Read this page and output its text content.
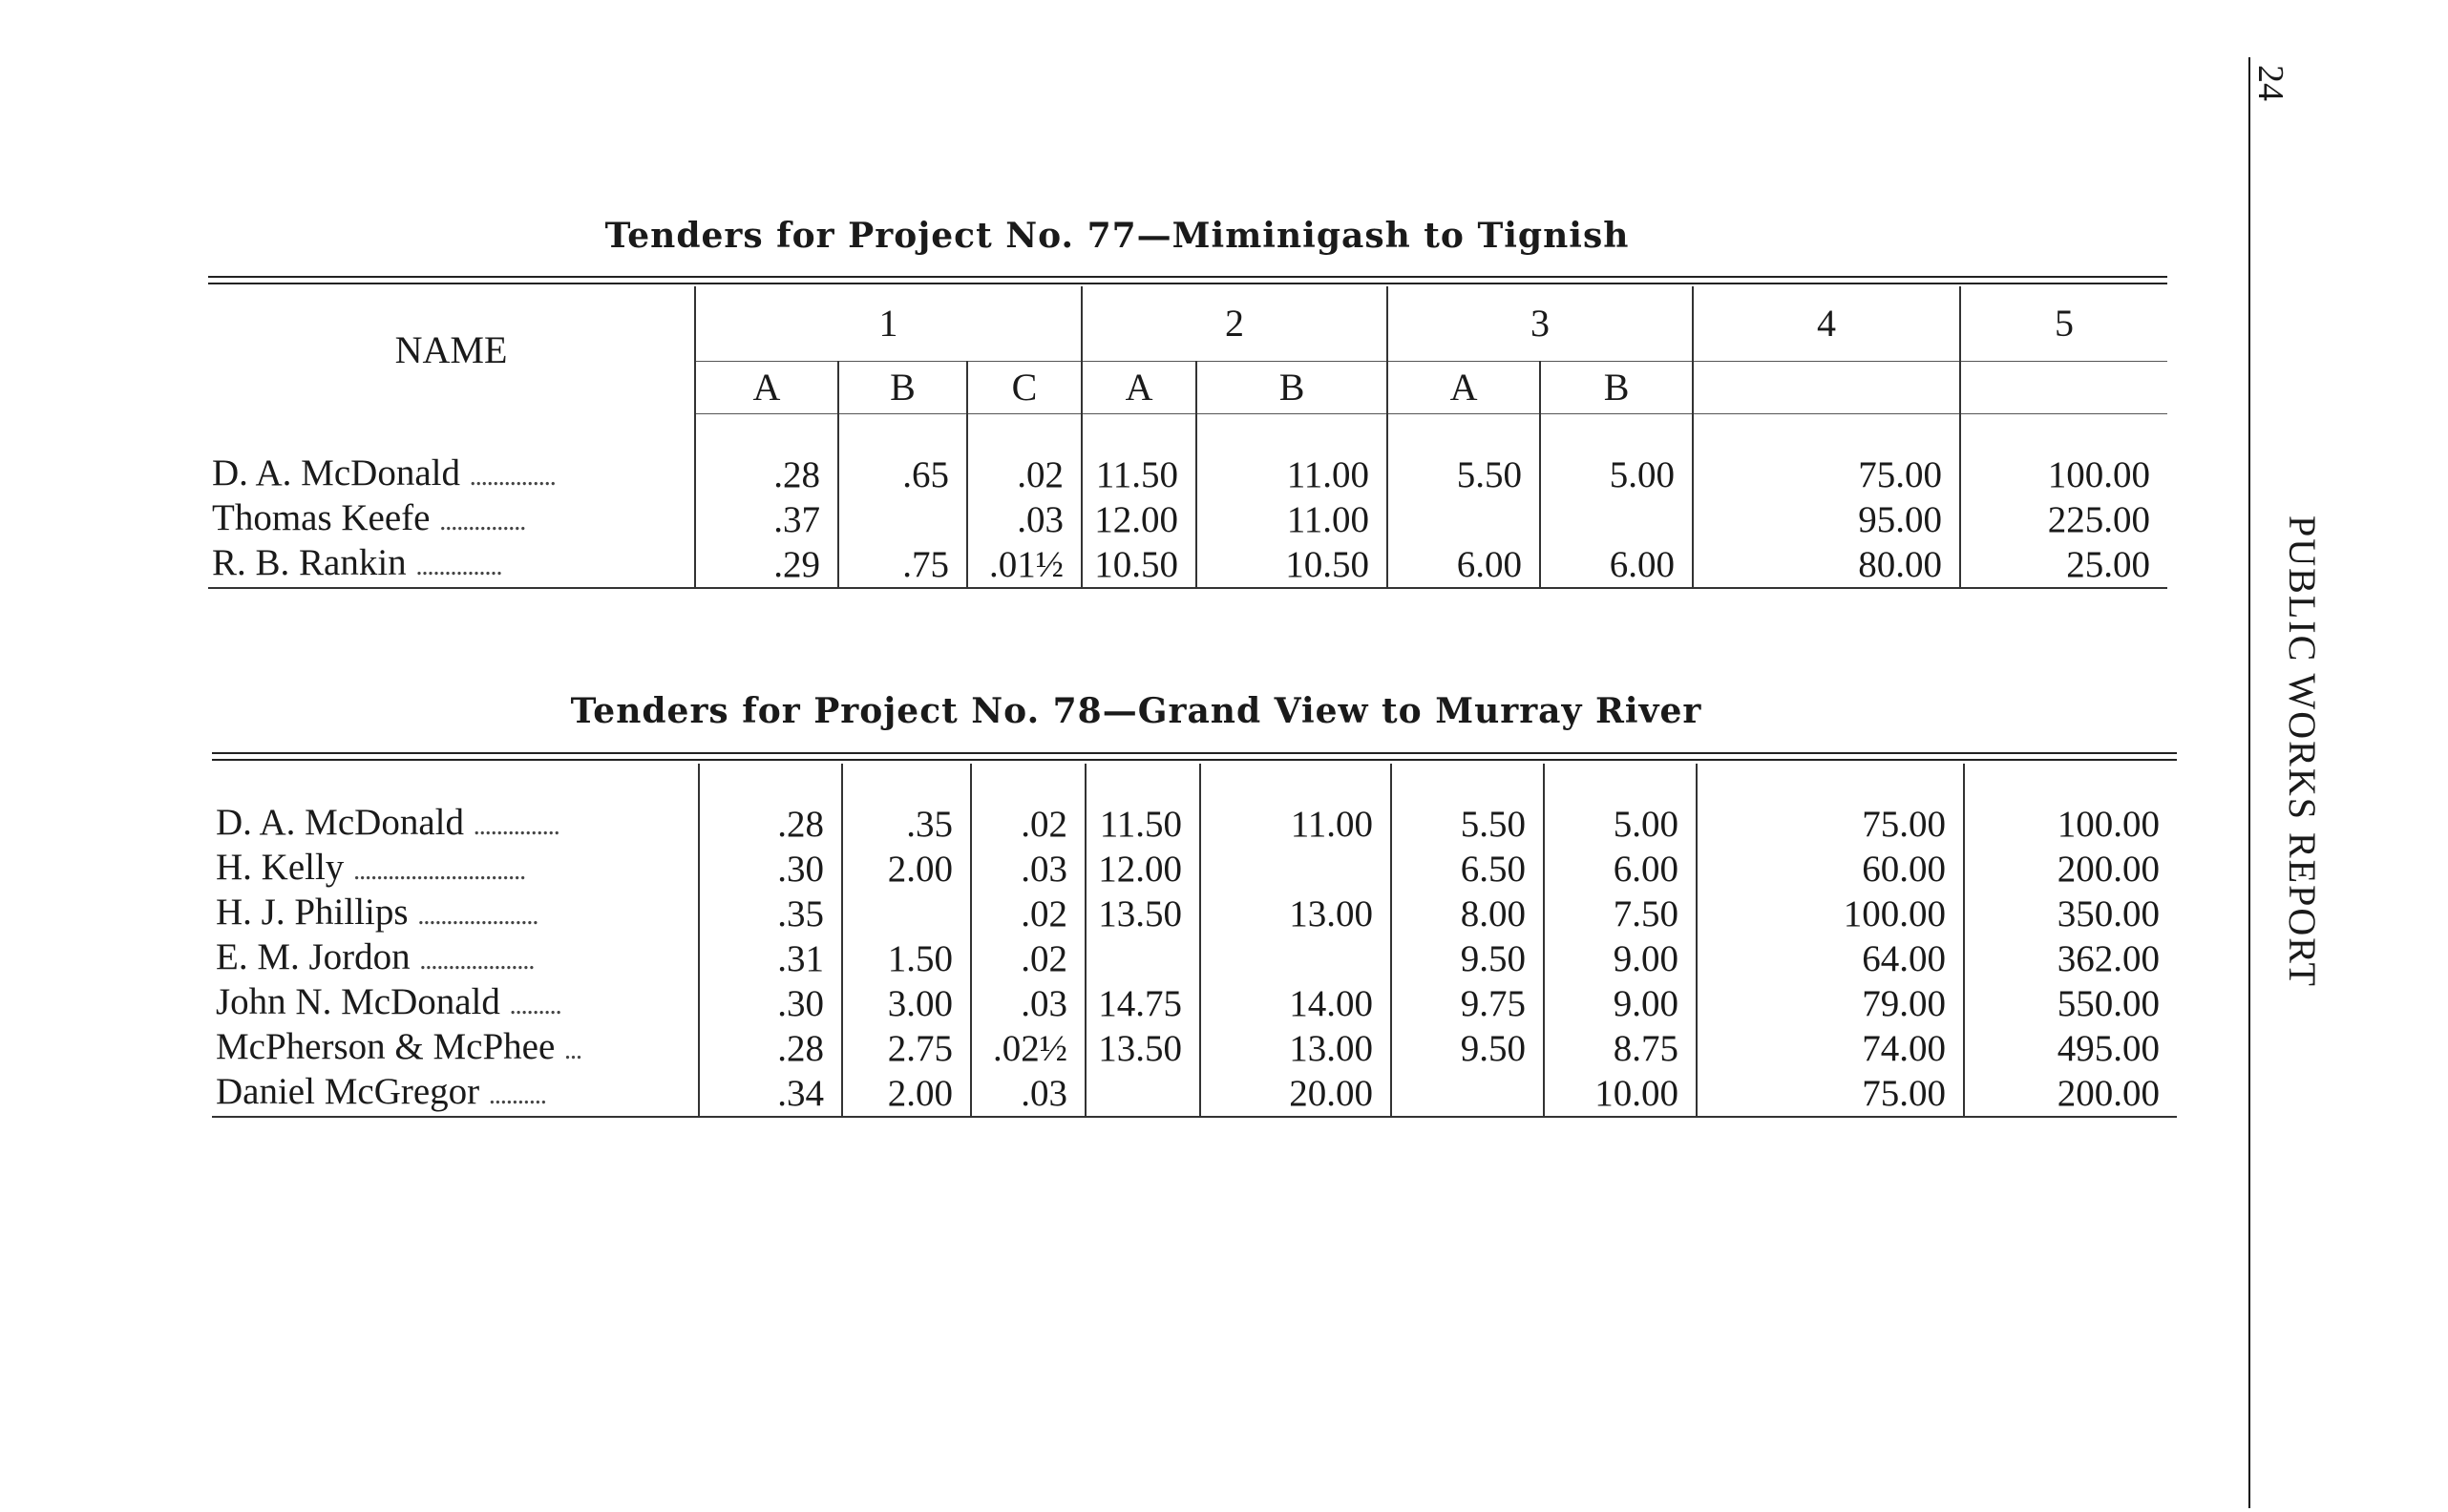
Tenders for Project No. 77—Miminigash to Tignish
NAME	1			2		3		4	5
	A	B	C	A	B	A	B		

D. A. McDonald ...............	.28	.65	.02	11.50	11.00	5.50	5.00	75.00	100.00
Thomas Keefe ...............	.37		.03	12.00	11.00			95.00	225.00
R. B. Rankin ...............	.29	.75	.01½	10.50	10.50	6.00	6.00	80.00	25.00
Tenders for Project No. 78—Grand View to Murray River

D. A. McDonald ...............	.28	.35	.02	11.50	11.00	5.50	5.00	75.00	100.00
H. Kelly ..............................	.30	2.00	.03	12.00		6.50	6.00	60.00	200.00
H. J. Phillips .....................	.35		.02	13.50	13.00	8.00	7.50	100.00	350.00
E. M. Jordon ....................	.31	1.50	.02			9.50	9.00	64.00	362.00
John N. McDonald .........	.30	3.00	.03	14.75	14.00	9.75	9.00	79.00	550.00
McPherson & McPhee ...	.28	2.75	.02½	13.50	13.00	9.50	8.75	74.00	495.00
Daniel McGregor ..........	.34	2.00	.03		20.00		10.00	75.00	200.00
24
PUBLIC WORKS REPORT
